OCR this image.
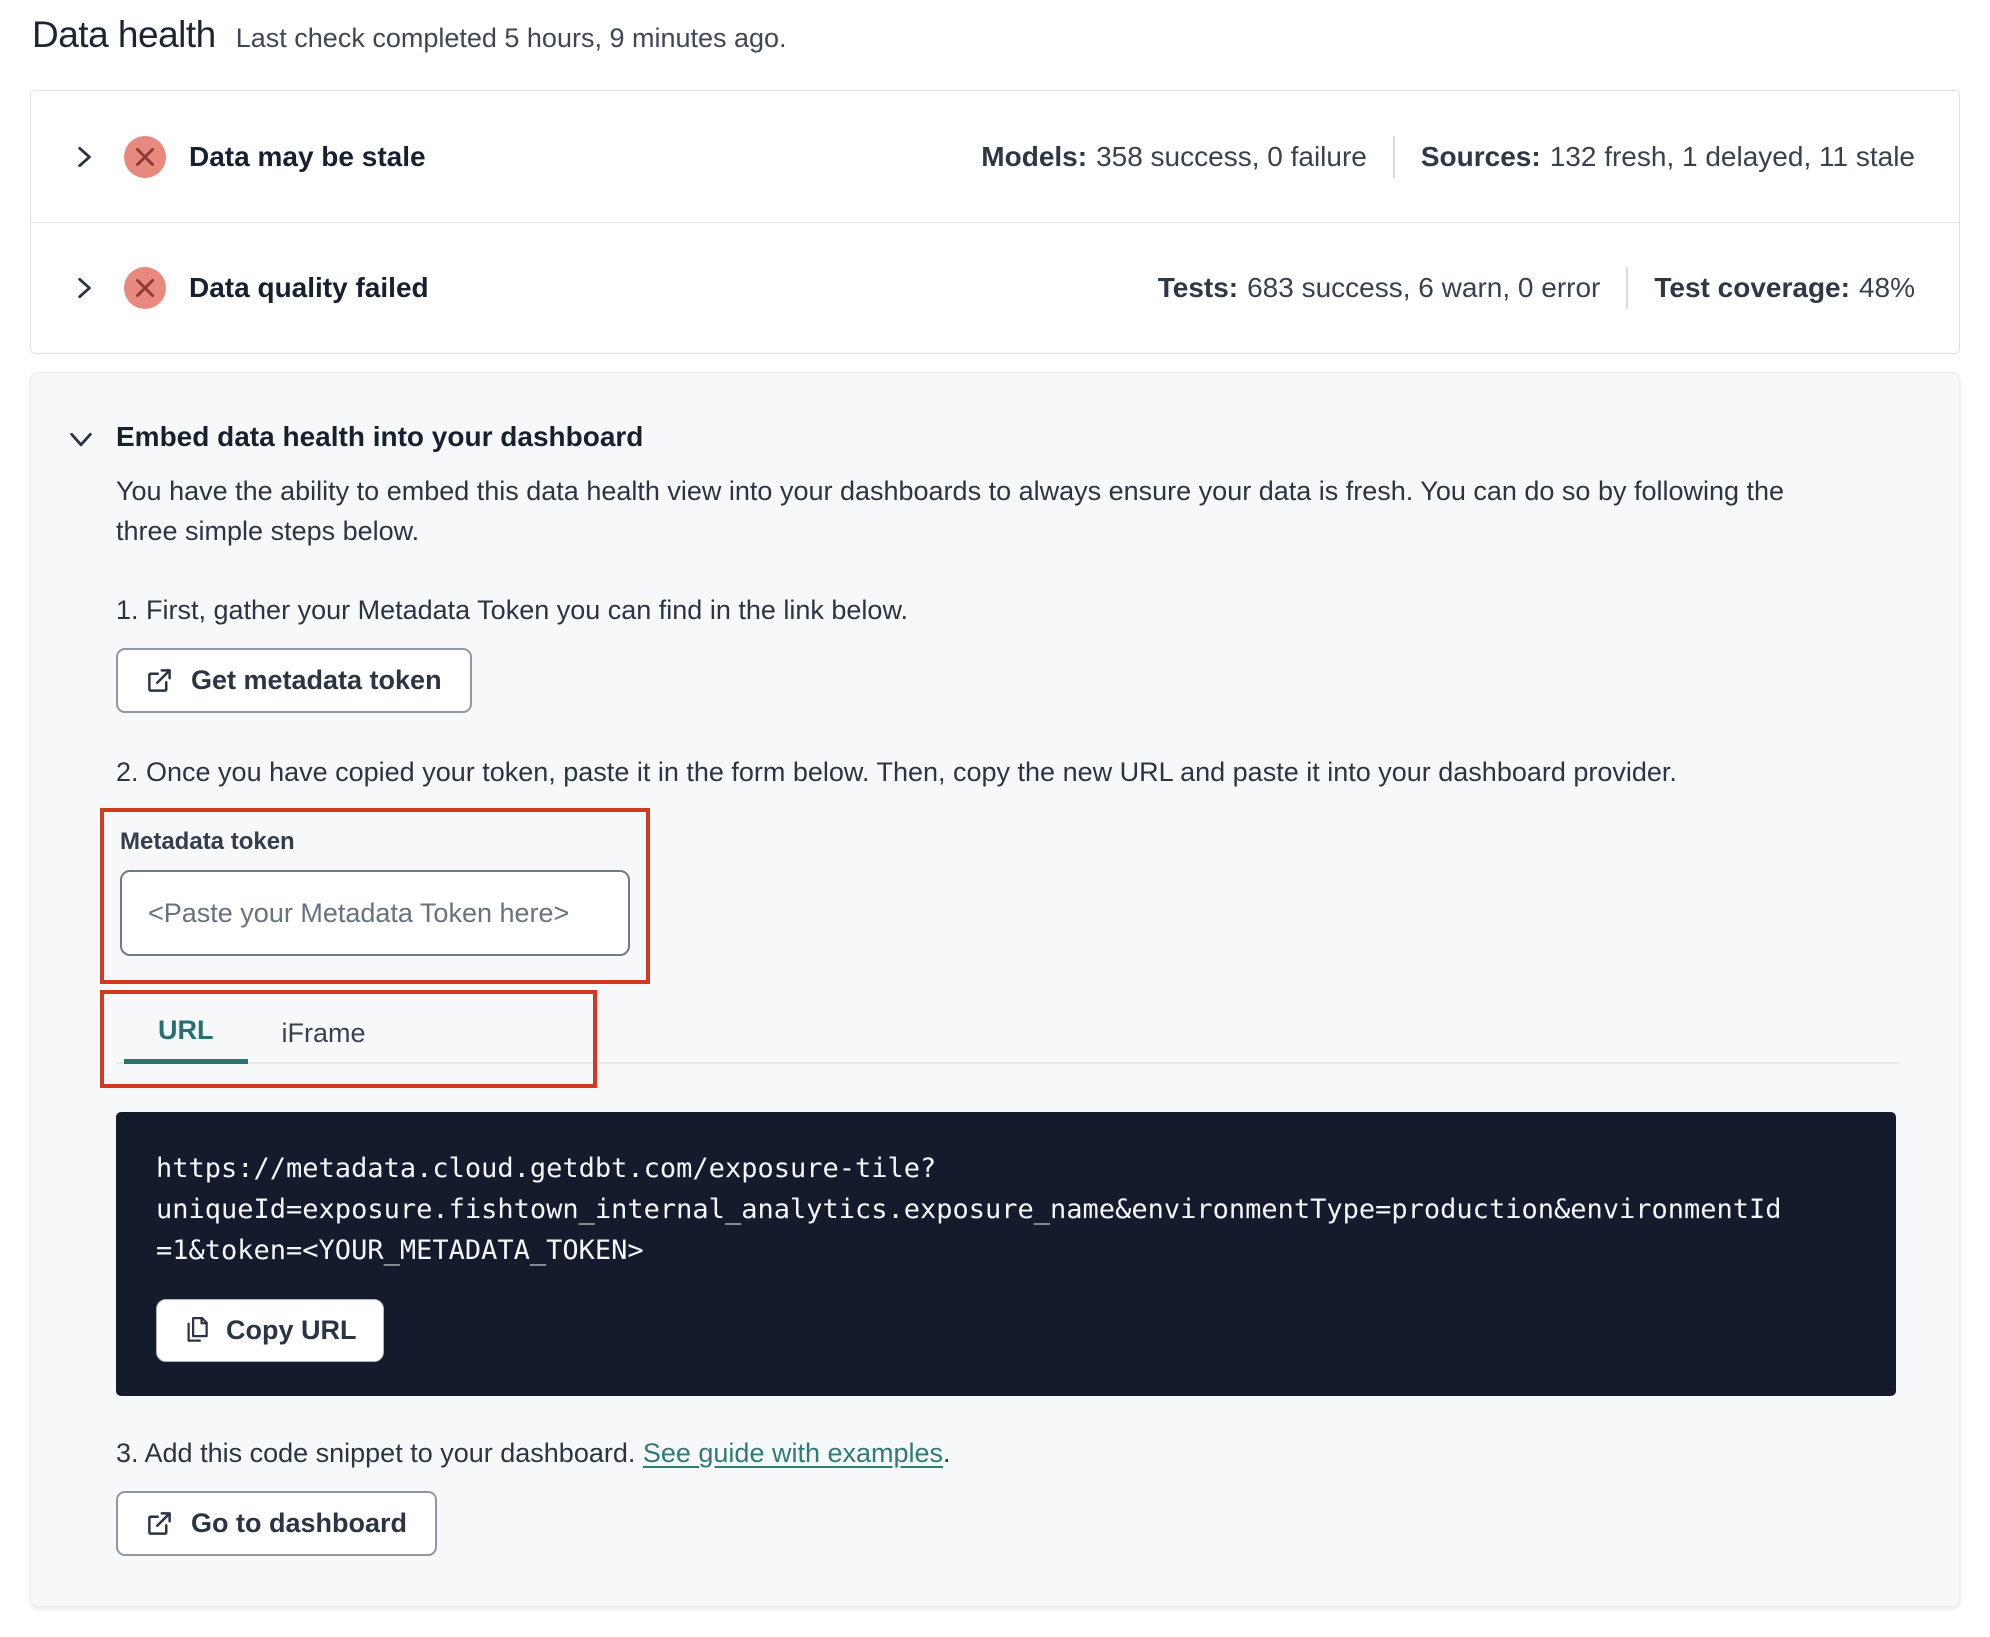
Data health Last check completed 5 hours, 9 minutes ago.
Data may be stale	Models: 358 success, 0 failure Sources: 132 fresh, 1 delayed, 11 stale
Data quality failed	Tests: 683 success, 6 warn, 0 error Test coverage: 48%
Embed data health into your dashboard
You have the ability to embed this data health view into your dashboards to always ensure your data is fresh. You can do so by following the three simple steps below.
1. First, gather your Metadata Token you can find in the link below.
Get metadata token
2. Once you have copied your token, paste it in the form below. Then, copy the new URL and paste it into your dashboard provider.
Metadata token
<Paste your Metadata Token here>
URL	iFrame
https://metadata.cloud.getdbt.com/exposure-tile?
uniqueId=exposure.fishtown_internal_analytics.exposure_name&environmentType=production&environmentId
=1&token=<YOUR_METADATA_TOKEN>
Copy URL
3. Add this code snippet to your dashboard. See guide with examples.
Go to dashboard
